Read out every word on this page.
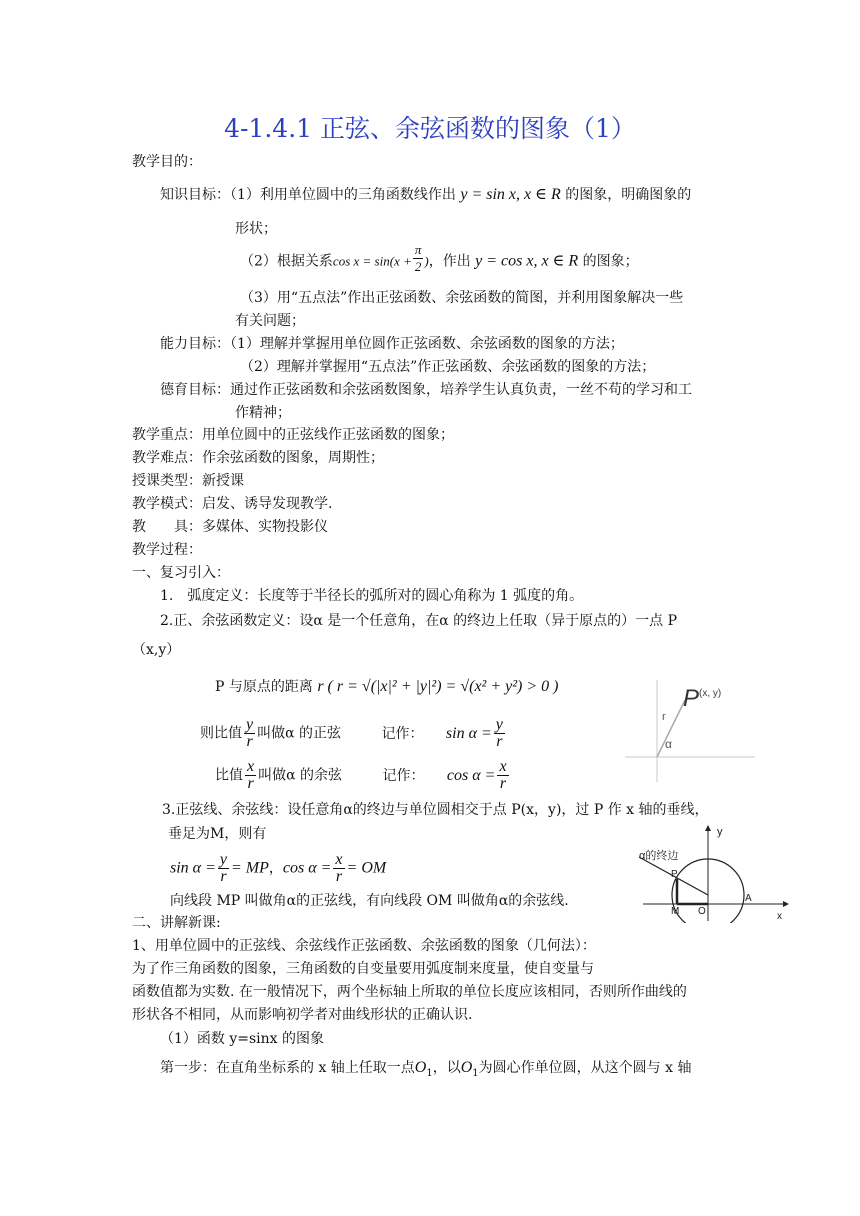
4-1.4.1 正弦、余弦函数的图象（1）
教学目的：
知识目标：（1）利用单位圆中的三角函数线作出 y = sin x, x ∈ R 的图象，明确图象的
形状；
（2）根据关系$\cos x = \sin(x + \frac{\pi}{2}$ )，作出 y = cos x, x ∈ R 的图象；
（3）用“五点法”作出正弦函数、余弦函数的简图，并利用图象解决一些
有关问题；
能力目标：（1）理解并掌握用单位圆作正弦函数、余弦函数的图象的方法；
（2）理解并掌握用“五点法”作正弦函数、余弦函数的图象的方法；
德育目标：通过作正弦函数和余弦函数图象，培养学生认真负责，一丝不苟的学习和工
作精神；
教学重点：用单位圆中的正弦线作正弦函数的图象；
教学难点：作余弦函数的图象，周期性；
授课类型：新授课
教学模式：启发、诱导发现教学.
教　　具：多媒体、实物投影仪
教学过程：
一、复习引入：
1.　弧度定义：长度等于半径长的弧所对的圆心角称为 1 弧度的角。
2.正、余弦函数定义：设α 是一个任意角，在α 的终边上任取（异于原点的）一点 P
（x,y）
P 与原点的距离 r ( r = √(|x|² + |y|²) = √(x² + y²) > 0 )
则比值 $\frac{y}{r}$ 叫做α 的正弦	记作： $\sin \alpha = \frac{y}{r}$
比值 $\frac{x}{r}$ 叫做α 的余弦	记作： $\cos \alpha = \frac{x}{r}$
P (x, y)
r
α
3.正弦线、余弦线：设任意角α的终边与单位圆相交于点 P(x，y)，过 P 作 x 轴的垂线，
垂足为M，则有
$\sin \alpha = \frac{y}{r}$ = MP，$\cos \alpha = \frac{x}{r}$ = OM
向线段 MP 叫做角α的正弦线，有向线段 OM 叫做角α的余弦线.
y
x
α的终边
P
M O
A
二、讲解新课:
1、用单位圆中的正弦线、余弦线作正弦函数、余弦函数的图象（几何法）：
为了作三角函数的图象，三角函数的自变量要用弧度制来度量，使自变量与
函数值都为实数. 在一般情况下，两个坐标轴上所取的单位长度应该相同，否则所作曲线的
形状各不相同，从而影响初学者对曲线形状的正确认识.
（1）函数 y=sinx 的图象
第一步：在直角坐标系的 x 轴上任取一点$O_1$，以$O_1$为圆心作单位圆，从这个圆与 x 轴
